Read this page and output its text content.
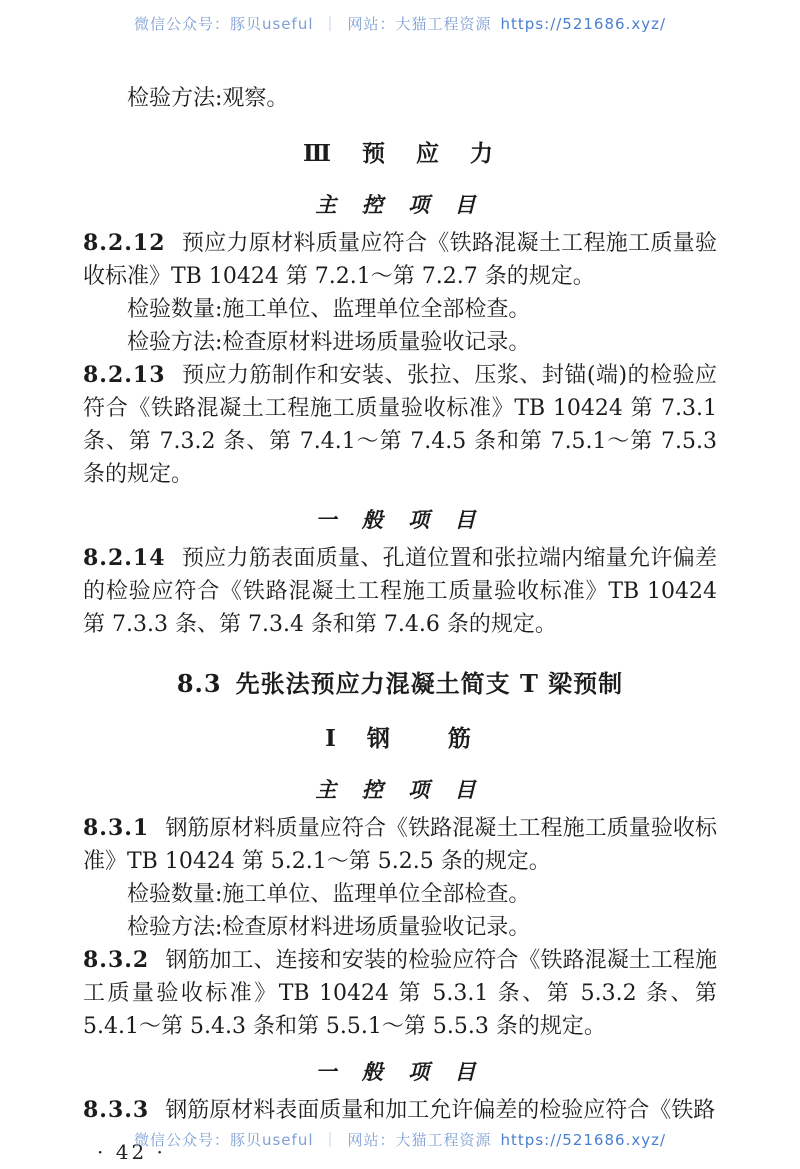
微信公众号：豚贝useful ｜ 网站：大猫工程资源 https://521686.xyz/
检验方法:观察。
Ⅲ　预　应　力
主 控 项 目
8.2.12 预应力原材料质量应符合《铁路混凝土工程施工质量验收标准》TB 10424 第 7.2.1～第 7.2.7 条的规定。
检验数量:施工单位、监理单位全部检查。
检验方法:检查原材料进场质量验收记录。
8.2.13 预应力筋制作和安装、张拉、压浆、封锚(端)的检验应符合《铁路混凝土工程施工质量验收标准》TB 10424 第 7.3.1 条、第 7.3.2 条、第 7.4.1～第 7.4.5 条和第 7.5.1～第 7.5.3 条的规定。
一 般 项 目
8.2.14 预应力筋表面质量、孔道位置和张拉端内缩量允许偏差的检验应符合《铁路混凝土工程施工质量验收标准》TB 10424 第 7.3.3 条、第 7.3.4 条和第 7.4.6 条的规定。
8.3 先张法预应力混凝土简支 T 梁预制
Ⅰ　钢　　筋
主 控 项 目
8.3.1 钢筋原材料质量应符合《铁路混凝土工程施工质量验收标准》TB 10424 第 5.2.1～第 5.2.5 条的规定。
检验数量:施工单位、监理单位全部检查。
检验方法:检查原材料进场质量验收记录。
8.3.2 钢筋加工、连接和安装的检验应符合《铁路混凝土工程施工质量验收标准》TB 10424 第 5.3.1 条、第 5.3.2 条、第 5.4.1～第 5.4.3 条和第 5.5.1～第 5.5.3 条的规定。
一 般 项 目
8.3.3 钢筋原材料表面质量和加工允许偏差的检验应符合《铁路
· 42 ·
微信公众号：豚贝useful ｜ 网站：大猫工程资源 https://521686.xyz/
